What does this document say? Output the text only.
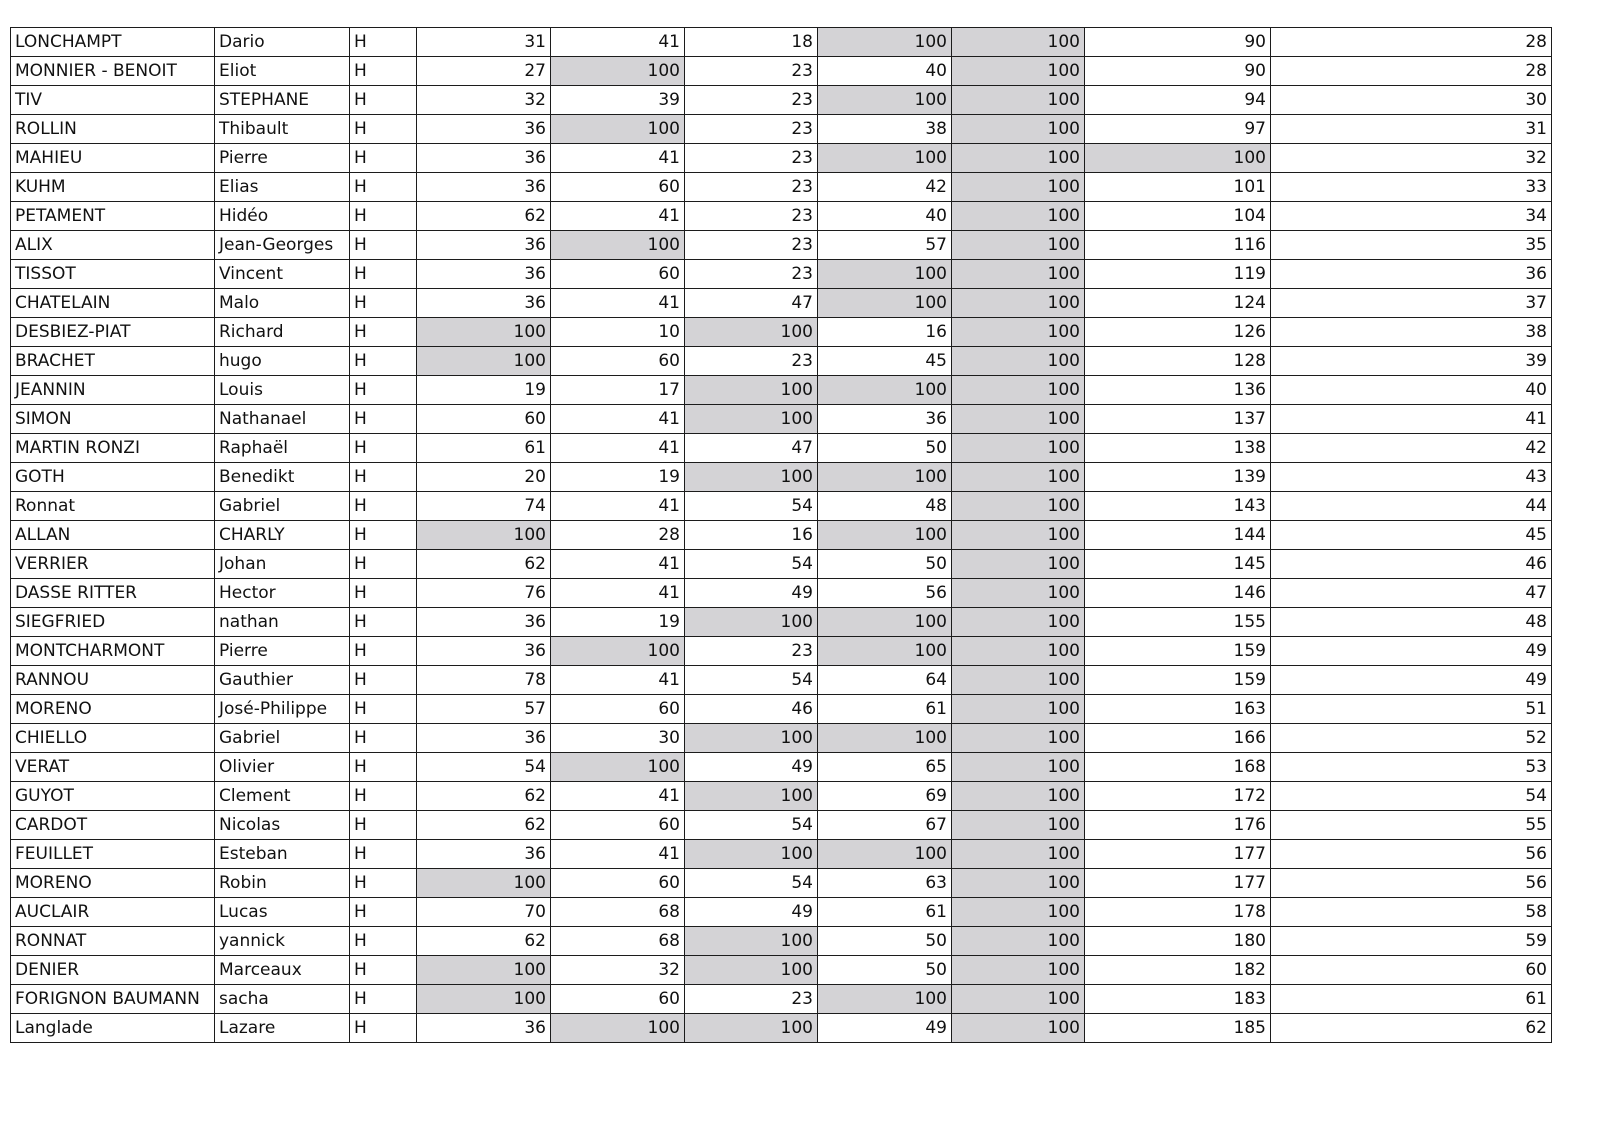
LONCHAMPT	Dario	H	31	41	18	100	100	90	28
MONNIER - BENOIT	Eliot	H	27	100	23	40	100	90	28
TIV	STEPHANE	H	32	39	23	100	100	94	30
ROLLIN	Thibault	H	36	100	23	38	100	97	31
MAHIEU	Pierre	H	36	41	23	100	100	100	32
KUHM	Elias	H	36	60	23	42	100	101	33
PETAMENT	Hidéo	H	62	41	23	40	100	104	34
ALIX	Jean-Georges	H	36	100	23	57	100	116	35
TISSOT	Vincent	H	36	60	23	100	100	119	36
CHATELAIN	Malo	H	36	41	47	100	100	124	37
DESBIEZ-PIAT	Richard	H	100	10	100	16	100	126	38
BRACHET	hugo	H	100	60	23	45	100	128	39
JEANNIN	Louis	H	19	17	100	100	100	136	40
SIMON	Nathanael	H	60	41	100	36	100	137	41
MARTIN RONZI	Raphaël	H	61	41	47	50	100	138	42
GOTH	Benedikt	H	20	19	100	100	100	139	43
Ronnat	Gabriel	H	74	41	54	48	100	143	44
ALLAN	CHARLY	H	100	28	16	100	100	144	45
VERRIER	Johan	H	62	41	54	50	100	145	46
DASSE RITTER	Hector	H	76	41	49	56	100	146	47
SIEGFRIED	nathan	H	36	19	100	100	100	155	48
MONTCHARMONT	Pierre	H	36	100	23	100	100	159	49
RANNOU	Gauthier	H	78	41	54	64	100	159	49
MORENO	José-Philippe	H	57	60	46	61	100	163	51
CHIELLO	Gabriel	H	36	30	100	100	100	166	52
VERAT	Olivier	H	54	100	49	65	100	168	53
GUYOT	Clement	H	62	41	100	69	100	172	54
CARDOT	Nicolas	H	62	60	54	67	100	176	55
FEUILLET	Esteban	H	36	41	100	100	100	177	56
MORENO	Robin	H	100	60	54	63	100	177	56
AUCLAIR	Lucas	H	70	68	49	61	100	178	58
RONNAT	yannick	H	62	68	100	50	100	180	59
DENIER	Marceaux	H	100	32	100	50	100	182	60
FORIGNON BAUMANN	sacha	H	100	60	23	100	100	183	61
Langlade	Lazare	H	36	100	100	49	100	185	62
